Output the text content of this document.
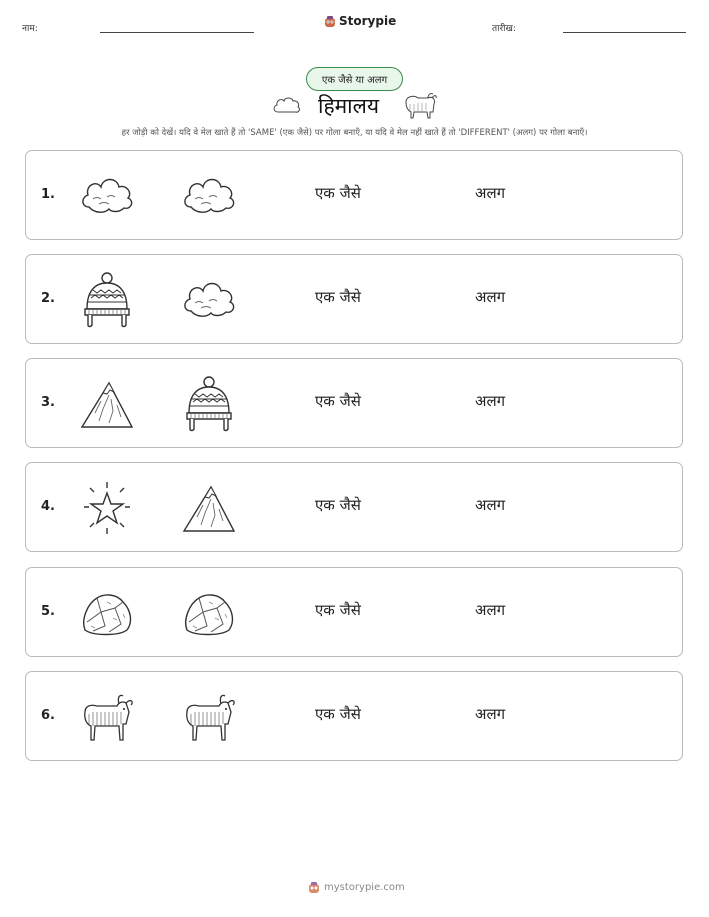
नाम:
Storypie
तारीख:
एक जैसे या अलग
हिमालय
हर जोड़ी को देखें। यदि वे मेल खाते हैं तो 'SAME' (एक जैसे) पर गोला बनाएँ, या यदि वे मेल नहीं खाते हैं तो 'DIFFERENT' (अलग) पर गोला बनाएँ।
1.	एक जैसे	अलग
2.	एक जैसे	अलग
3.	एक जैसे	अलग
4.	एक जैसे	अलग
5.	एक जैसे	अलग
6.	एक जैसे	अलग
mystorypie.com
